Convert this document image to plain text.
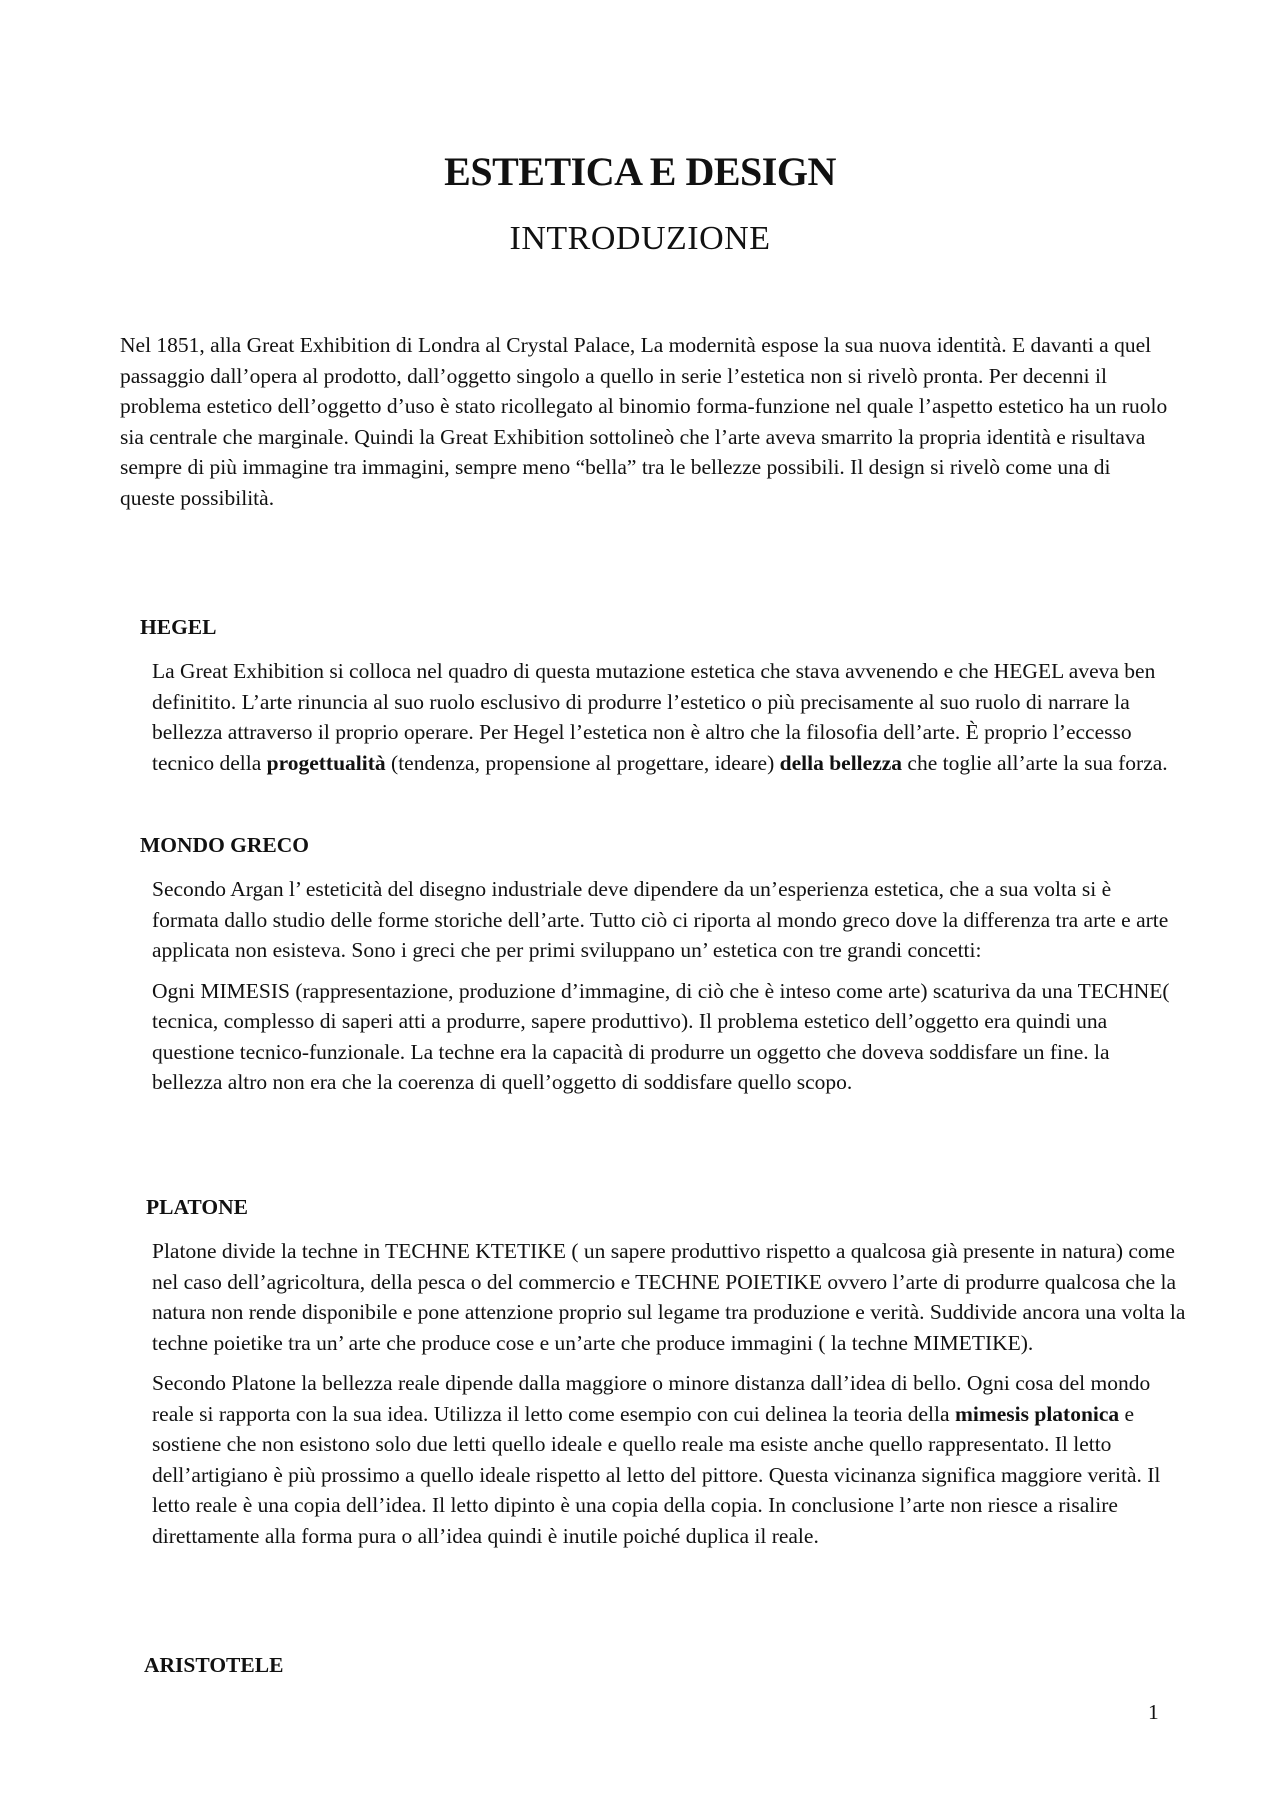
ESTETICA E DESIGN
INTRODUZIONE

Nel 1851, alla Great Exhibition di Londra al Crystal Palace, La modernità espose la sua nuova identità. E davanti a quel passaggio dall’opera al prodotto, dall’oggetto singolo a quello in serie l’estetica non si rivelò pronta. Per decenni il problema estetico dell’oggetto d’uso è stato ricollegato al binomio forma-funzione nel quale l’aspetto estetico ha un ruolo sia centrale che marginale. Quindi la Great Exhibition sottolineò che l’arte aveva smarrito la propria identità e risultava sempre di più immagine tra immagini, sempre meno “bella” tra le bellezze possibili. Il design si rivelò come una di queste possibilità.

HEGEL

La Great Exhibition si colloca nel quadro di questa mutazione estetica che stava avvenendo e che HEGEL aveva ben definitito. L’arte rinuncia al suo ruolo esclusivo di produrre l’estetico o più precisamente al suo ruolo di narrare la bellezza attraverso il proprio operare. Per Hegel l’estetica non è altro che la filosofia dell’arte. È proprio l’eccesso tecnico della progettualità (tendenza, propensione al progettare, ideare) della bellezza che toglie all’arte la sua forza.

MONDO GRECO

Secondo Argan l’ esteticità del disegno industriale deve dipendere da un’esperienza estetica, che a sua volta si è formata dallo studio delle forme storiche dell’arte. Tutto ciò ci riporta al mondo greco dove la differenza tra arte e arte applicata non esisteva. Sono i greci che per primi sviluppano un’ estetica con tre grandi concetti:

Ogni MIMESIS (rappresentazione, produzione d’immagine, di ciò che è inteso come arte) scaturiva da una TECHNE( tecnica, complesso di saperi atti a produrre, sapere produttivo). Il problema estetico dell’oggetto era quindi una questione tecnico-funzionale. La techne era la capacità di produrre un oggetto che doveva soddisfare un fine. la bellezza altro non era che la coerenza di quell’oggetto di soddisfare quello scopo.

PLATONE

Platone divide la techne in TECHNE KTETIKE ( un sapere produttivo rispetto a qualcosa già presente in natura) come nel caso dell’agricoltura, della pesca o del commercio e TECHNE POIETIKE ovvero l’arte di produrre qualcosa che la natura non rende disponibile e pone attenzione proprio sul legame tra produzione e verità. Suddivide ancora una volta la techne poietike tra un’ arte che produce cose e un’arte che produce immagini ( la techne MIMETIKE).

Secondo Platone la bellezza reale dipende dalla maggiore o minore distanza dall’idea di bello. Ogni cosa del mondo reale si rapporta con la sua idea. Utilizza il letto come esempio con cui delinea la teoria della mimesis platonica e sostiene che non esistono solo due letti quello ideale e quello reale ma esiste anche quello rappresentato. Il letto dell’artigiano è più prossimo a quello ideale rispetto al letto del pittore. Questa vicinanza significa maggiore verità. Il letto reale è una copia dell’idea. Il letto dipinto è una copia della copia. In conclusione l’arte non riesce a risalire direttamente alla forma pura o all’idea quindi è inutile poiché duplica il reale.

ARISTOTELE

1
